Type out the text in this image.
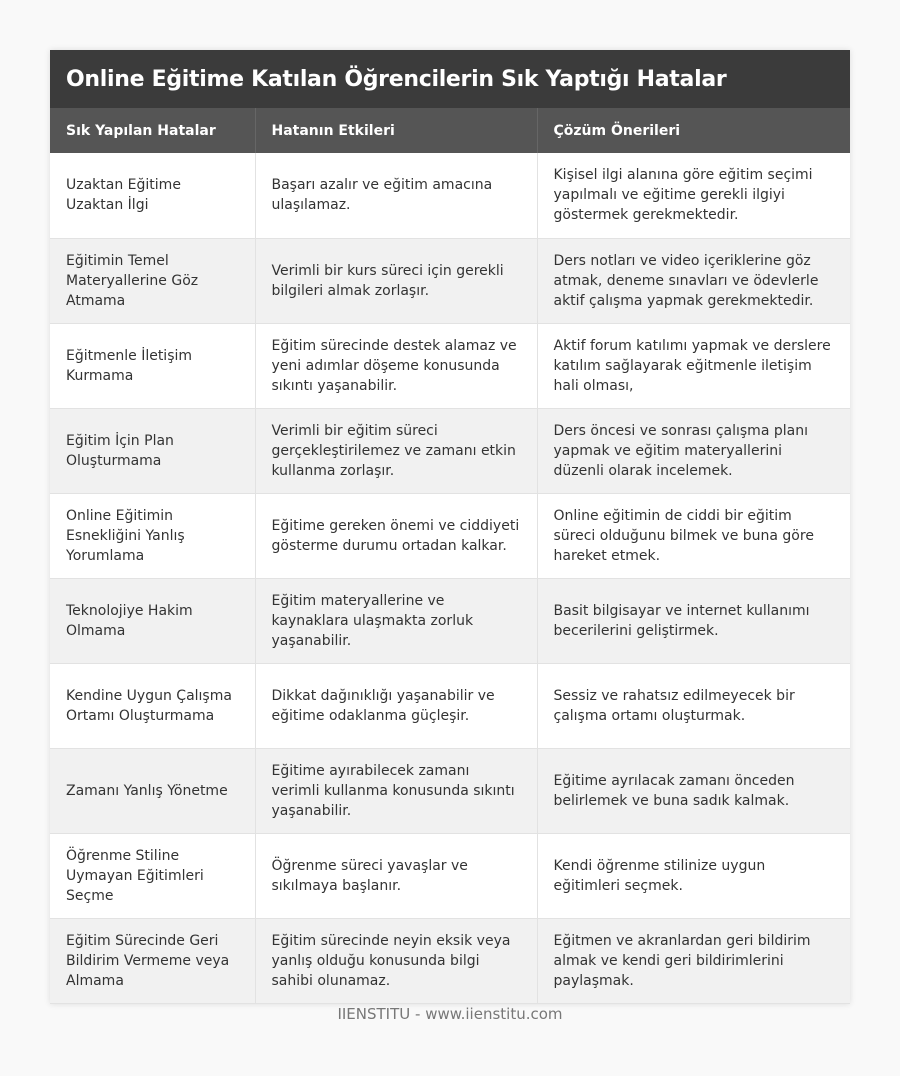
Online Eğitime Katılan Öğrencilerin Sık Yaptığı Hatalar
Sık Yapılan Hatalar	Hatanın Etkileri	Çözüm Önerileri
Uzaktan Eğitime Uzaktan İlgi	Başarı azalır ve eğitim amacına ulaşılamaz.	Kişisel ilgi alanına göre eğitim seçimi yapılmalı ve eğitime gerekli ilgiyi göstermek gerekmektedir.
Eğitimin Temel Materyallerine Göz Atmama	Verimli bir kurs süreci için gerekli bilgileri almak zorlaşır.	Ders notları ve video içeriklerine göz atmak, deneme sınavları ve ödevlerle aktif çalışma yapmak gerekmektedir.
Eğitmenle İletişim Kurmama	Eğitim sürecinde destek alamaz ve yeni adımlar döşeme konusunda sıkıntı yaşanabilir.	Aktif forum katılımı yapmak ve derslere katılım sağlayarak eğitmenle iletişim hali olması,
Eğitim İçin Plan Oluşturmama	Verimli bir eğitim süreci gerçekleştirilemez ve zamanı etkin kullanma zorlaşır.	Ders öncesi ve sonrası çalışma planı yapmak ve eğitim materyallerini düzenli olarak incelemek.
Online Eğitimin Esnekliğini Yanlış Yorumlama	Eğitime gereken önemi ve ciddiyeti gösterme durumu ortadan kalkar.	Online eğitimin de ciddi bir eğitim süreci olduğunu bilmek ve buna göre hareket etmek.
Teknolojiye Hakim Olmama	Eğitim materyallerine ve kaynaklara ulaşmakta zorluk yaşanabilir.	Basit bilgisayar ve internet kullanımı becerilerini geliştirmek.
Kendine Uygun Çalışma Ortamı Oluşturmama	Dikkat dağınıklığı yaşanabilir ve eğitime odaklanma güçleşir.	Sessiz ve rahatsız edilmeyecek bir çalışma ortamı oluşturmak.
Zamanı Yanlış Yönetme	Eğitime ayırabilecek zamanı verimli kullanma konusunda sıkıntı yaşanabilir.	Eğitime ayrılacak zamanı önceden belirlemek ve buna sadık kalmak.
Öğrenme Stiline Uymayan Eğitimleri Seçme	Öğrenme süreci yavaşlar ve sıkılmaya başlanır.	Kendi öğrenme stilinize uygun eğitimleri seçmek.
Eğitim Sürecinde Geri Bildirim Vermeme veya Almama	Eğitim sürecinde neyin eksik veya yanlış olduğu konusunda bilgi sahibi olunamaz.	Eğitmen ve akranlardan geri bildirim almak ve kendi geri bildirimlerini paylaşmak.
IIENSTITU - www.iienstitu.com
